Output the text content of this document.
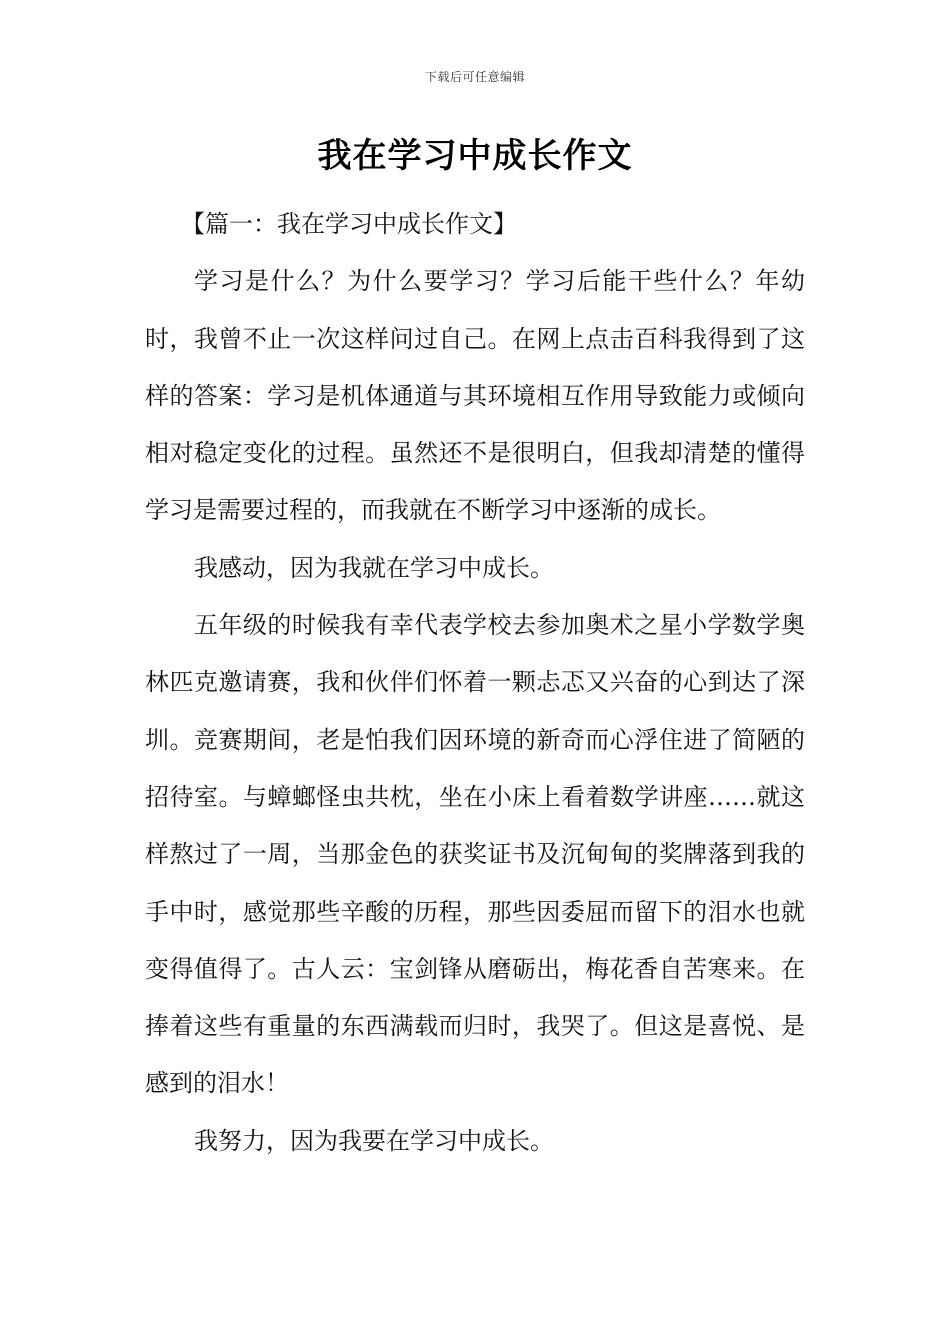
下载后可任意编辑
我在学习中成长作文

【篇一：我在学习中成长作文】

学习是什么？为什么要学习？学习后能干些什么？年幼时，我曾不止一次这样问过自己。在网上点击百科我得到了这样的答案：学习是机体通道与其环境相互作用导致能力或倾向相对稳定变化的过程。虽然还不是很明白，但我却清楚的懂得学习是需要过程的，而我就在不断学习中逐渐的成长。

我感动，因为我就在学习中成长。

五年级的时候我有幸代表学校去参加奥术之星小学数学奥林匹克邀请赛，我和伙伴们怀着一颗忐忑又兴奋的心到达了深圳。竞赛期间，老是怕我们因环境的新奇而心浮住进了简陋的招待室。与蟑螂怪虫共枕，坐在小床上看着数学讲座……就这样熬过了一周，当那金色的获奖证书及沉甸甸的奖牌落到我的手中时，感觉那些辛酸的历程，那些因委屈而留下的泪水也就变得值得了。古人云：宝剑锋从磨砺出，梅花香自苦寒来。在捧着这些有重量的东西满载而归时，我哭了。但这是喜悦、是感到的泪水！

我努力，因为我要在学习中成长。
